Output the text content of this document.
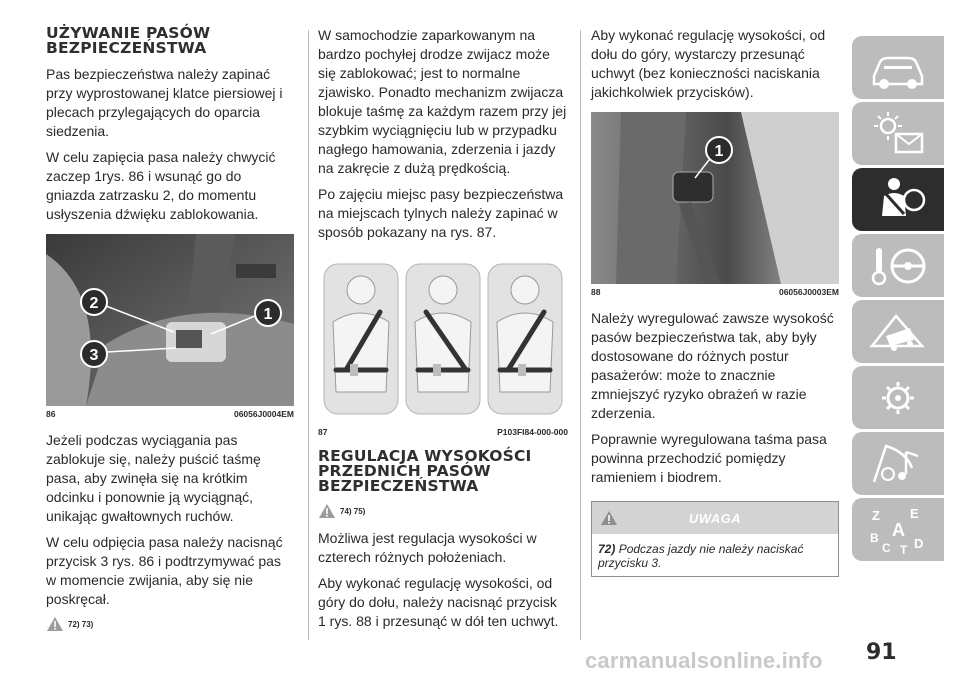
UŻYWANIE PASÓW BEZPIECZEŃSTWA

Pas bezpieczeństwa należy zapinać przy wyprostowanej klatce piersiowej i plecach przylegających do oparcia siedzenia.

W celu zapięcia pasa należy chwycić zaczep 1rys. 86 i wsunąć go do gniazda zatrzasku 2, do momentu usłyszenia dźwięku zablokowania.

2
1
3
86	06056J0004EM

Jeżeli podczas wyciągania pas zablokuje się, należy puścić taśmę pasa, aby zwinęła się na krótkim odcinku i ponownie ją wyciągnąć, unikając gwałtownych ruchów.

W celu odpięcia pasa należy nacisnąć przycisk 3 rys. 86 i podtrzymywać pas w momencie zwijania, aby się nie poskręcał.

72) 73)

W samochodzie zaparkowanym na bardzo pochyłej drodze zwijacz może się zablokować; jest to normalne zjawisko. Ponadto mechanizm zwijacza blokuje taśmę za każdym razem przy jej szybkim wyciągnięciu lub w przypadku nagłego hamowania, zderzenia i jazdy na zakręcie z dużą prędkością.

Po zajęciu miejsc pasy bezpieczeństwa na miejscach tylnych należy zapinać w sposób pokazany na rys. 87.

87	P103FI84-000-000
REGULACJA WYSOKOŚCI PRZEDNICH PASÓW BEZPIECZEŃSTWA
74) 75)

Możliwa jest regulacja wysokości w czterech różnych położeniach.

Aby wykonać regulację wysokości, od góry do dołu, należy nacisnąć przycisk 1 rys. 88 i przesunąć w dół ten uchwyt.

Aby wykonać regulację wysokości, od dołu do góry, wystarczy przesunąć uchwyt (bez konieczności naciskania jakichkolwiek przycisków).

1
88	06056J0003EM

Należy wyregulować zawsze wysokość pasów bezpieczeństwa tak, aby były dostosowane do różnych postur pasażerów: może to znacznie zmniejszyć ryzyko obrażeń w razie zderzenia.

Poprawnie wyregulowana taśma pasa powinna przechodzić pomiędzy ramieniem i biodrem.

UWAGA
72) Podczas jazdy nie należy naciskać przycisku 3.
Z E
A
B
C T D
carmanualsonline.info 91
